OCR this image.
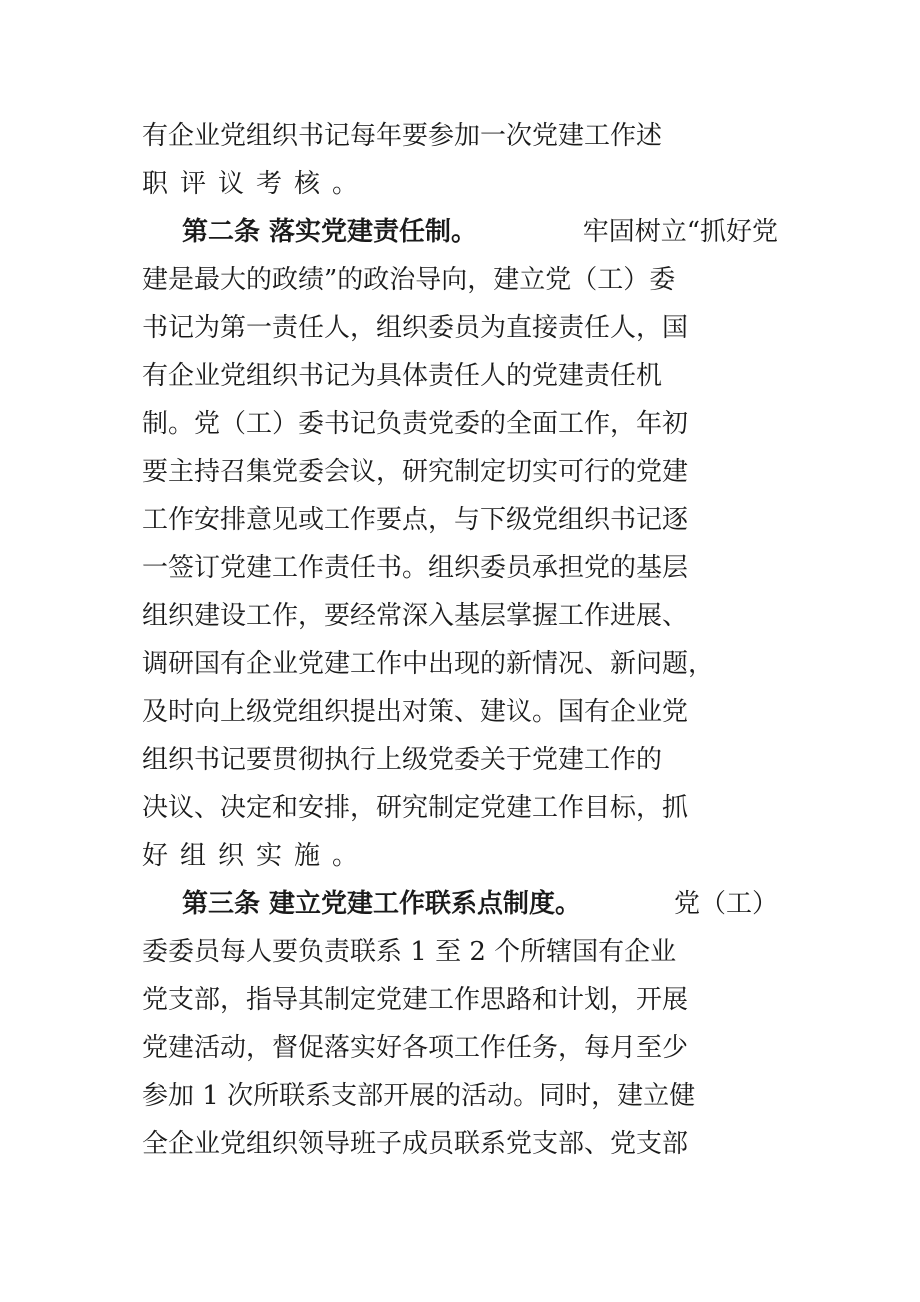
有企业党组织书记每年要参加一次党建工作述
职评议考核。
第二条 落实党建责任制。	牢固树立“抓好党
建是最大的政绩”的政治导向，建立党（工）委
书记为第一责任人，组织委员为直接责任人，国
有企业党组织书记为具体责任人的党建责任机
制。党（工）委书记负责党委的全面工作，年初
要主持召集党委会议，研究制定切实可行的党建
工作安排意见或工作要点，与下级党组织书记逐
一签订党建工作责任书。组织委员承担党的基层
组织建设工作，要经常深入基层掌握工作进展、
调研国有企业党建工作中出现的新情况、新问题，
及时向上级党组织提出对策、建议。国有企业党
组织书记要贯彻执行上级党委关于党建工作的
决议、决定和安排，研究制定党建工作目标，抓
好组织实施。
第三条 建立党建工作联系点制度。	党（工）
委委员每人要负责联系 1 至 2 个所辖国有企业
党支部，指导其制定党建工作思路和计划，开展
党建活动，督促落实好各项工作任务，每月至少
参加 1 次所联系支部开展的活动。同时，建立健
全企业党组织领导班子成员联系党支部、党支部
